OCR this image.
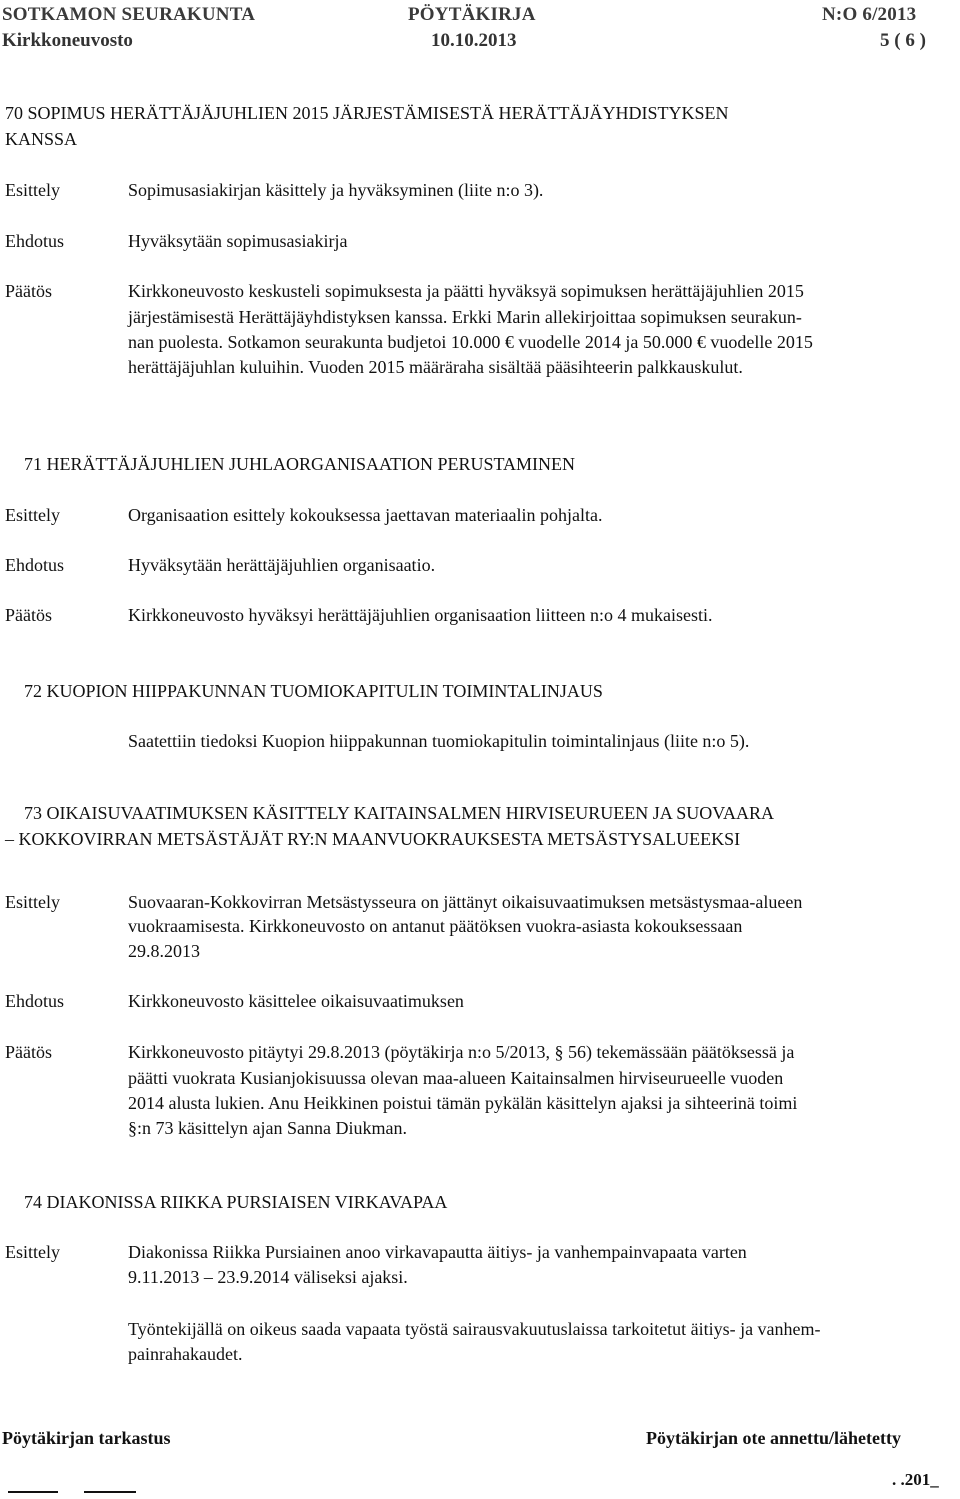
SOTKAMON SEURAKUNTA	PÖYTÄKIRJA	N:O 6/2013
Kirkkoneuvosto	10.10.2013	5 ( 6 )
70 SOPIMUS HERÄTTÄJÄJUHLIEN 2015 JÄRJESTÄMISESTÄ HERÄTTÄJÄYHDISTYKSEN
KANSSA
Esittely	Sopimusasiakirjan käsittely ja hyväksyminen (liite n:o 3).
Ehdotus	Hyväksytään sopimusasiakirja
Päätös	Kirkkoneuvosto keskusteli sopimuksesta ja päätti hyväksyä sopimuksen herättäjäjuhlien 2015
järjestämisestä Herättäjäyhdistyksen kanssa. Erkki Marin allekirjoittaa sopimuksen seurakun-
nan puolesta. Sotkamon seurakunta budjetoi 10.000 € vuodelle 2014 ja 50.000 € vuodelle 2015
herättäjäjuhlan kuluihin. Vuoden 2015 määräraha sisältää pääsihteerin palkkauskulut.
71 HERÄTTÄJÄJUHLIEN JUHLAORGANISAATION PERUSTAMINEN
Esittely	Organisaation esittely kokouksessa jaettavan materiaalin pohjalta.
Ehdotus	Hyväksytään herättäjäjuhlien organisaatio.
Päätös	Kirkkoneuvosto hyväksyi herättäjäjuhlien organisaation liitteen n:o 4 mukaisesti.
72 KUOPION HIIPPAKUNNAN TUOMIOKAPITULIN TOIMINTALINJAUS
Saatettiin tiedoksi Kuopion hiippakunnan tuomiokapitulin toimintalinjaus (liite n:o 5).
73 OIKAISUVAATIMUKSEN KÄSITTELY KAITAINSALMEN HIRVISEURUEEN JA SUOVAARA
– KOKKOVIRRAN METSÄSTÄJÄT RY:N MAANVUOKRAUKSESTA METSÄSTYSALUEEKSI
Esittely	Suovaaran-Kokkovirran Metsästysseura on jättänyt oikaisuvaatimuksen metsästysmaa-alueen
vuokraamisesta. Kirkkoneuvosto on antanut päätöksen vuokra-asiasta kokouksessaan
29.8.2013
Ehdotus	Kirkkoneuvosto käsittelee oikaisuvaatimuksen
Päätös	Kirkkoneuvosto pitäytyi 29.8.2013 (pöytäkirja n:o 5/2013, § 56) tekemässään päätöksessä ja
päätti vuokrata Kusianjokisuussa olevan maa-alueen Kaitainsalmen hirviseurueelle vuoden
2014 alusta lukien. Anu Heikkinen poistui tämän pykälän käsittelyn ajaksi ja sihteerinä toimi
§:n 73 käsittelyn ajan Sanna Diukman.
74 DIAKONISSA RIIKKA PURSIAISEN VIRKAVAPAA
Esittely	Diakonissa Riikka Pursiainen anoo virkavapautta äitiys- ja vanhempainvapaata varten
9.11.2013 – 23.9.2014 väliseksi ajaksi.
Työntekijällä on oikeus saada vapaata työstä sairausvakuutuslaissa tarkoitetut äitiys- ja vanhem-
painrahakaudet.
Pöytäkirjan tarkastus	Pöytäkirjan ote annettu/lähetetty
. .201_
